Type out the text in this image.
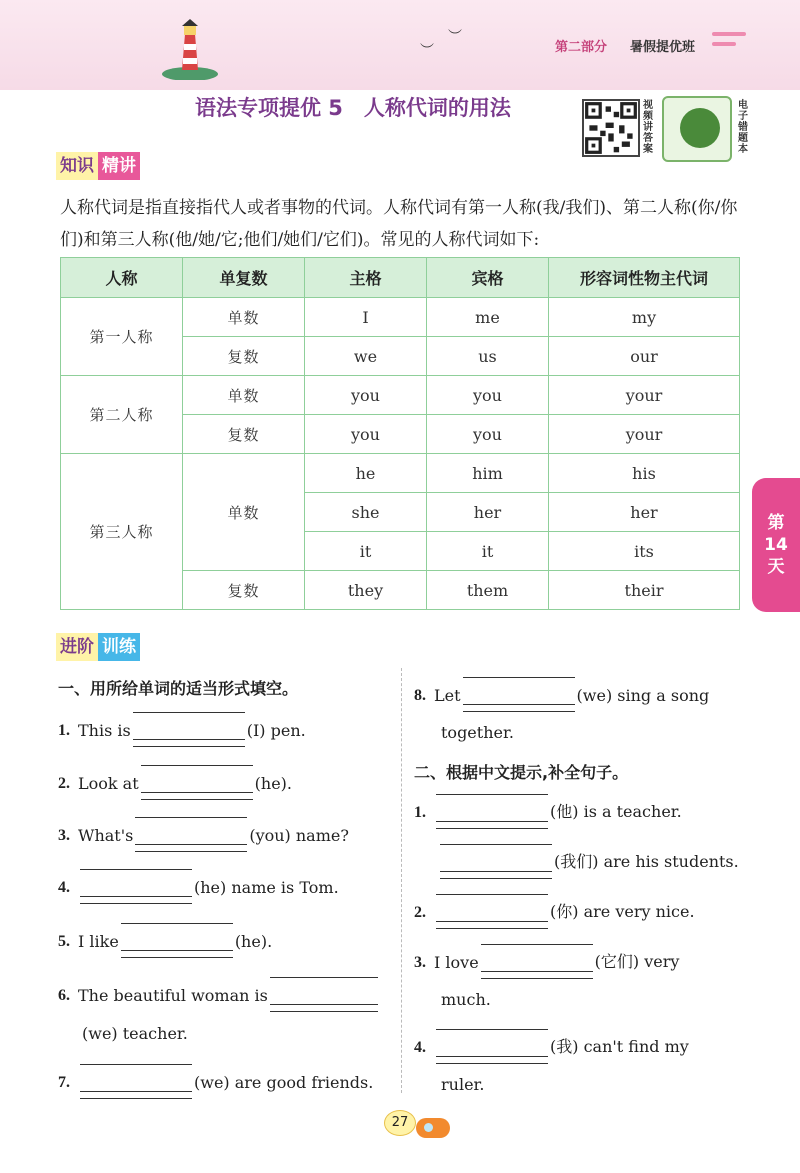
︶
︶
第二部分 暑假提优班
语法专项提优 5　人称代词的用法	视频讲答案
电子错题本
知识 精讲
人称代词是指直接指代人或者事物的代词。人称代词有第一人称(我/我们)、第二人称(你/你们)和第三人称(他/她/它;他们/她们/它们)。常见的人称代词如下:
人称	单复数	主格	宾格	形容词性物主代词
第一人称	单数	I	me	my
	复数	we	us	our
第二人称	单数	you	you	your
	复数	you	you	your
第三人称	单数	he	him	his
		she	her	her
		it	it	its
	复数	they	them	their
第
14
天
进阶 训练
一、用所给单词的适当形式填空。
1. This is	(I) pen.
2. Look at	(he).
3. What's	(you) name?
4.	(he) name is Tom.
5. I like	(he).
6. The beautiful woman is
(we) teacher.
7.	(we) are good friends.
8. Let	(we) sing a song
together.
二、根据中文提示,补全句子。
1.	(他) is a teacher.
(我们) are his students.
2.	(你) are very nice.
3. I love	(它们) very
much.
4.	(我) can't find my
ruler.
27
